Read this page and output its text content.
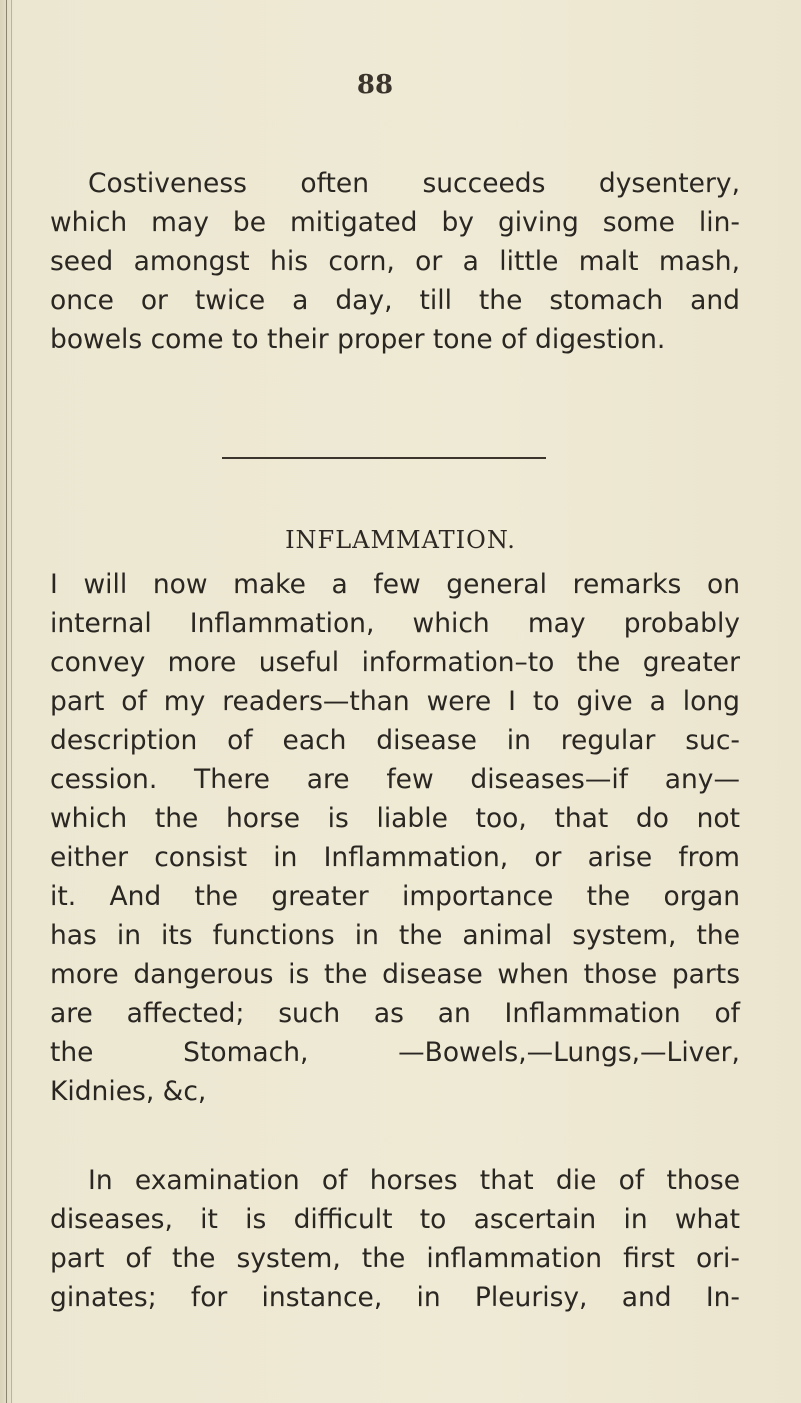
88
Costiveness often succeeds dysentery,
which may be mitigated by giving some lin-
seed amongst his corn, or a little malt mash,
once or twice a day, till the stomach and
bowels come to their proper tone of digestion.
INFLAMMATION.
I will now make a few general remarks on
internal Inflammation, which may probably
convey more useful information–to the greater
part of my readers—than were I to give a long
description of each disease in regular suc-
cession. There are few diseases—if any—
which the horse is liable too, that do not
either consist in Inflammation, or arise from
it. And the greater importance the organ
has in its functions in the animal system, the
more dangerous is the disease when those parts
are affected; such as an Inflammation of
the Stomach, —Bowels,—Lungs,—Liver,
Kidnies, &c,
In examination of horses that die of those
diseases, it is difficult to ascertain in what
part of the system, the inflammation first ori-
ginates; for instance, in Pleurisy, and In-
